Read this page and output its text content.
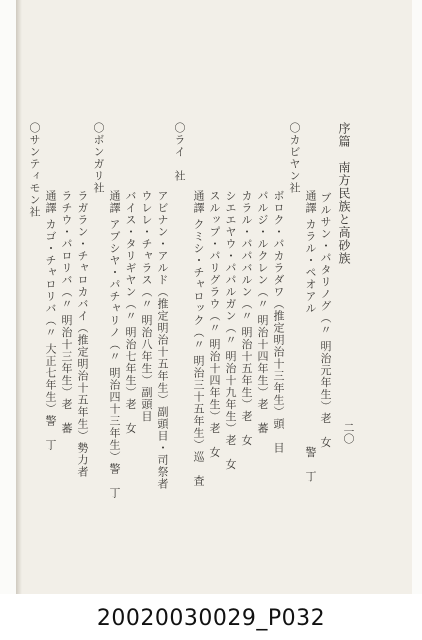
二〇
序篇　南方民族と高砂族
ブルサン・パタリノグ（〃 明治元年生）老　女
通譯 カラル・ペオアル　　　　　　　　　　　警　丁
〇カビヤン社
ボロク・パカラダワ（推定明治十三年生）頭　目
パルジ・ルクレン（〃 明治十四年生）老　蕃
カラル・パパバルン（〃 明治十五年生）老　女
シエエヤウ・パパルガン（〃 明治十九年生）老　女
スルップ・パリグラウ（〃 明治十四年生）老　女
通譯 クミシ・チャロック（〃 明治三十五年生）巡　査
〇ライ　社
アビナン・アルド（推定明治十五年生）副頭目・司祭者
ウレレ・チャラス（〃 明治八年生）副頭目
バイス・タリギヤン（〃 明治七年生）老　女
通譯 アブシヤ・パチャリノ（〃 明治四十三年生）警　丁
〇ボンガリ社
ラガラン・チャロカバイ（推定明治十五年生）勢力者
ラチウ・パロリバ（〃 明治十三年生）老　蕃
通譯 カゴ・チャロリバ（〃 大正七年生）警　丁
〇サンティモン社
20020030029_P032
